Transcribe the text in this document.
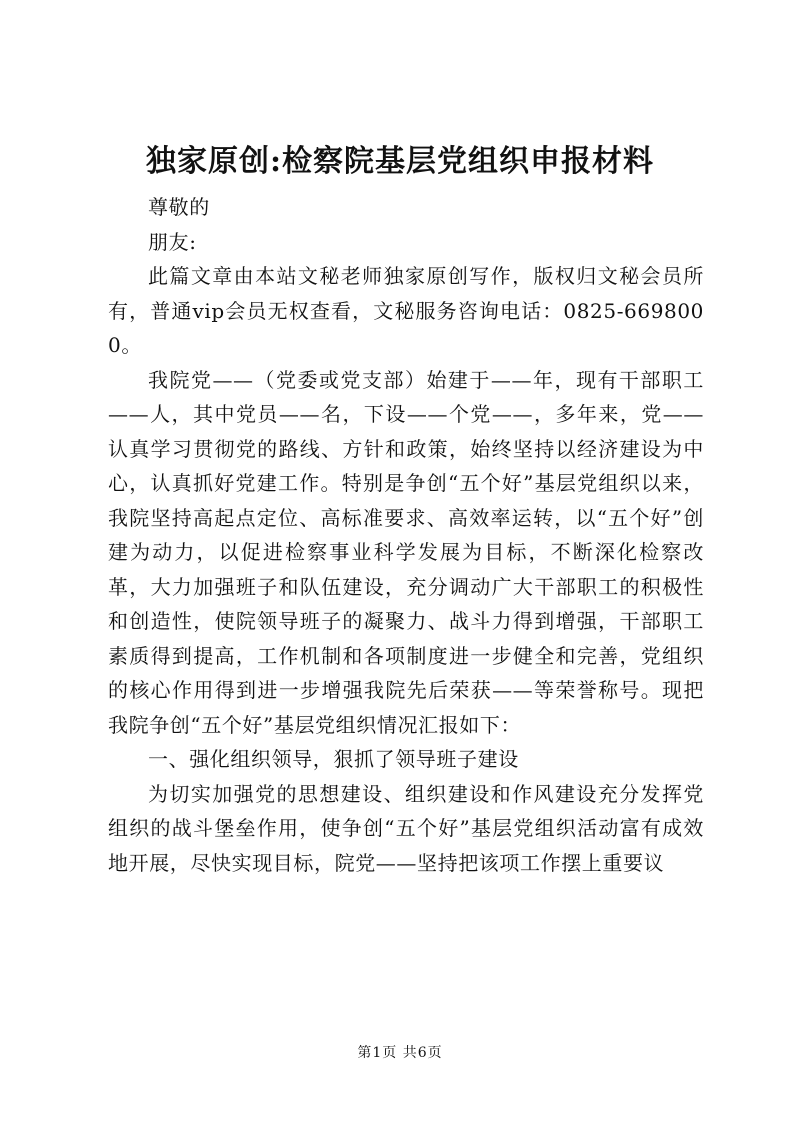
独家原创:检察院基层党组织申报材料

尊敬的

朋友:

此篇文章由本站文秘老师独家原创写作，版权归文秘会员所有，普通vip会员无权查看，文秘服务咨询电话：0825-6698000。

我院党——（党委或党支部）始建于——年，现有干部职工——人，其中党员——名，下设——个党——，多年来，党——认真学习贯彻党的路线、方针和政策，始终坚持以经济建设为中心，认真抓好党建工作。特别是争创“五个好”基层党组织以来，我院坚持高起点定位、高标准要求、高效率运转，以“五个好”创建为动力，以促进检察事业科学发展为目标，不断深化检察改革，大力加强班子和队伍建设，充分调动广大干部职工的积极性和创造性，使院领导班子的凝聚力、战斗力得到增强，干部职工素质得到提高，工作机制和各项制度进一步健全和完善，党组织的核心作用得到进一步增强我院先后荣获——等荣誉称号。现把我院争创“五个好”基层党组织情况汇报如下：

一、强化组织领导，狠抓了领导班子建设

为切实加强党的思想建设、组织建设和作风建设充分发挥党组织的战斗堡垒作用，使争创“五个好”基层党组织活动富有成效地开展，尽快实现目标，院党——坚持把该项工作摆上重要议

第1页 共6页
